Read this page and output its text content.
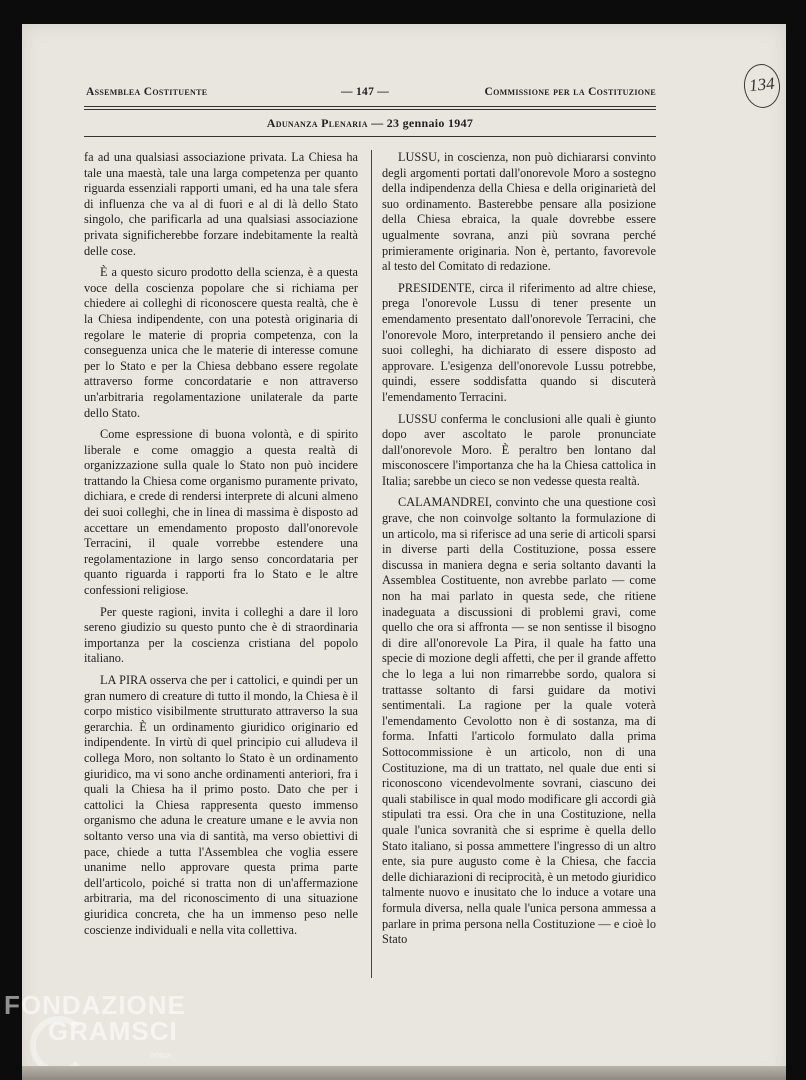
134
Assemblea Costituente	— 147 —	Commissione per la Costituzione
Adunanza Plenaria — 23 gennaio 1947

fa ad una qualsiasi associazione privata. La Chiesa ha tale una maestà, tale una larga competenza per quanto riguarda essenziali rapporti umani, ed ha una tale sfera di influenza che va al di fuori e al di là dello Stato singolo, che parificarla ad una qualsiasi associazione privata significherebbe forzare indebitamente la realtà delle cose.

È a questo sicuro prodotto della scienza, è a questa voce della coscienza popolare che si richiama per chiedere ai colleghi di riconoscere questa realtà, che è la Chiesa indipendente, con una potestà originaria di regolare le materie di propria competenza, con la conseguenza unica che le materie di interesse comune per lo Stato e per la Chiesa debbano essere regolate attraverso forme concordatarie e non attraverso un'arbitraria regolamentazione unilaterale da parte dello Stato.

Come espressione di buona volontà, e di spirito liberale e come omaggio a questa realtà di organizzazione sulla quale lo Stato non può incidere trattando la Chiesa come organismo puramente privato, dichiara, e crede di rendersi interprete di alcuni almeno dei suoi colleghi, che in linea di massima è disposto ad accettare un emendamento proposto dall'onorevole Terracini, il quale vorrebbe estendere una regolamentazione in largo senso concordataria per quanto riguarda i rapporti fra lo Stato e le altre confessioni religiose.

Per queste ragioni, invita i colleghi a dare il loro sereno giudizio su questo punto che è di straordinaria importanza per la coscienza cristiana del popolo italiano.

LA PIRA osserva che per i cattolici, e quindi per un gran numero di creature di tutto il mondo, la Chiesa è il corpo mistico visibilmente strutturato attraverso la sua gerarchia. È un ordinamento giuridico originario ed indipendente. In virtù di quel principio cui alludeva il collega Moro, non soltanto lo Stato è un ordinamento giuridico, ma vi sono anche ordinamenti anteriori, fra i quali la Chiesa ha il primo posto. Dato che per i cattolici la Chiesa rappresenta questo immenso organismo che aduna le creature umane e le avvia non soltanto verso una via di santità, ma verso obiettivi di pace, chiede a tutta l'Assemblea che voglia essere unanime nello approvare questa prima parte dell'articolo, poiché si tratta non di un'affermazione arbitraria, ma del riconoscimento di una situazione giuridica concreta, che ha un immenso peso nelle coscienze individuali e nella vita collettiva.

LUSSU, in coscienza, non può dichiararsi convinto degli argomenti portati dall'onorevole Moro a sostegno della indipendenza della Chiesa e della originarietà del suo ordinamento. Basterebbe pensare alla posizione della Chiesa ebraica, la quale dovrebbe essere ugualmente sovrana, anzi più sovrana perché primieramente originaria. Non è, pertanto, favorevole al testo del Comitato di redazione.

PRESIDENTE, circa il riferimento ad altre chiese, prega l'onorevole Lussu di tener presente un emendamento presentato dall'onorevole Terracini, che l'onorevole Moro, interpretando il pensiero anche dei suoi colleghi, ha dichiarato di essere disposto ad approvare. L'esigenza dell'onorevole Lussu potrebbe, quindi, essere soddisfatta quando si discuterà l'emendamento Terracini.

LUSSU conferma le conclusioni alle quali è giunto dopo aver ascoltato le parole pronunciate dall'onorevole Moro. È peraltro ben lontano dal misconoscere l'importanza che ha la Chiesa cattolica in Italia; sarebbe un cieco se non vedesse questa realtà.

CALAMANDREI, convinto che una questione così grave, che non coinvolge soltanto la formulazione di un articolo, ma si riferisce ad una serie di articoli sparsi in diverse parti della Costituzione, possa essere discussa in maniera degna e seria soltanto davanti la Assemblea Costituente, non avrebbe parlato — come non ha mai parlato in questa sede, che ritiene inadeguata a discussioni di problemi gravi, come quello che ora si affronta — se non sentisse il bisogno di dire all'onorevole La Pira, il quale ha fatto una specie di mozione degli affetti, che per il grande affetto che lo lega a lui non rimarrebbe sordo, qualora si trattasse soltanto di farsi guidare da motivi sentimentali. La ragione per la quale voterà l'emendamento Cevolotto non è di sostanza, ma di forma. Infatti l'articolo formulato dalla prima Sottocommissione è un articolo, non di una Costituzione, ma di un trattato, nel quale due enti si riconoscono vicendevolmente sovrani, ciascuno dei quali stabilisce in qual modo modificare gli accordi già stipulati tra essi. Ora che in una Costituzione, nella quale l'unica sovranità che si esprime è quella dello Stato italiano, si possa ammettere l'ingresso di un altro ente, sia pure augusto come è la Chiesa, che faccia delle dichiarazioni di reciprocità, è un metodo giuridico talmente nuovo e inusitato che lo induce a votare una formula diversa, nella quale l'unica persona ammessa a parlare in prima persona nella Costituzione — e cioè lo Stato

FONDAZIONE
GRAMSCI
onlus
